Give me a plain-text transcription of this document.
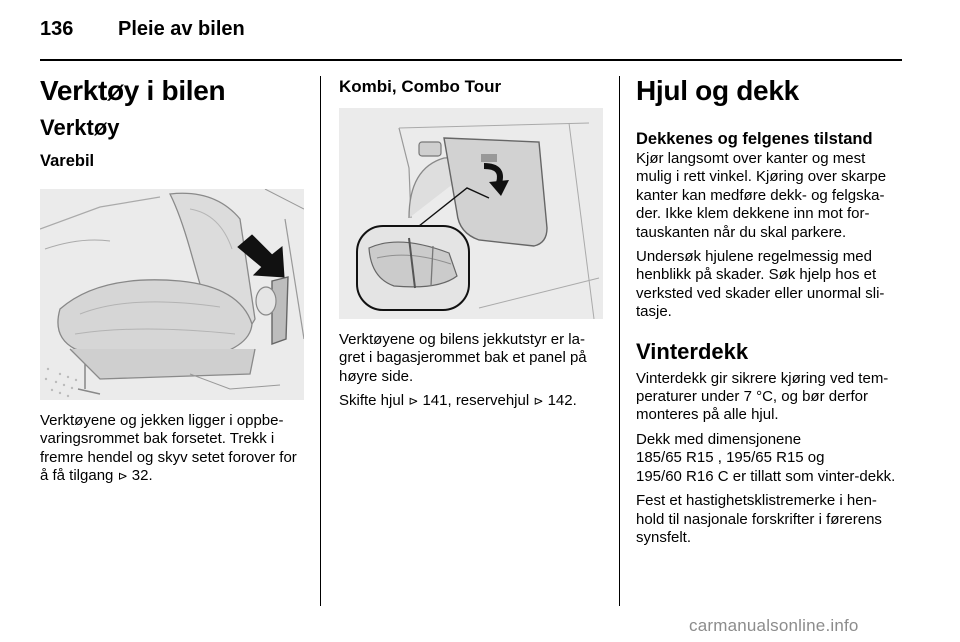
136 Pleie av bilen
Verktøy i bilen
Verktøy
Varebil

Verktøyene og jekken ligger i oppbe-varingsrommet bak forsetet. Trekk i fremre hendel og skyv setet forover for å få tilgang ⊳ 32.

Kombi, Combo Tour

Verktøyene og bilens jekkutstyr er la-gret i bagasjerommet bak et panel på høyre side.

Skifte hjul ⊳ 141, reservehjul ⊳ 142.

Hjul og dekk
Dekkenes og felgenes tilstand

Kjør langsomt over kanter og mest mulig i rett vinkel. Kjøring over skarpe kanter kan medføre dekk- og felgska-der. Ikke klem dekkene inn mot for-tauskanten når du skal parkere.

Undersøk hjulene regelmessig med henblikk på skader. Søk hjelp hos et verksted ved skader eller unormal sli-tasje.

Vinterdekk

Vinterdekk gir sikrere kjøring ved tem-peraturer under 7 °C, og bør derfor monteres på alle hjul.

Dekk med dimensjonene
185/65 R15 , 195/65 R15 og
195/60 R16 C er tillatt som vinter-dekk.

Fest et hastighetsklistremerke i hen-hold til nasjonale forskrifter i førerens synsfelt.

carmanualsonline.info
